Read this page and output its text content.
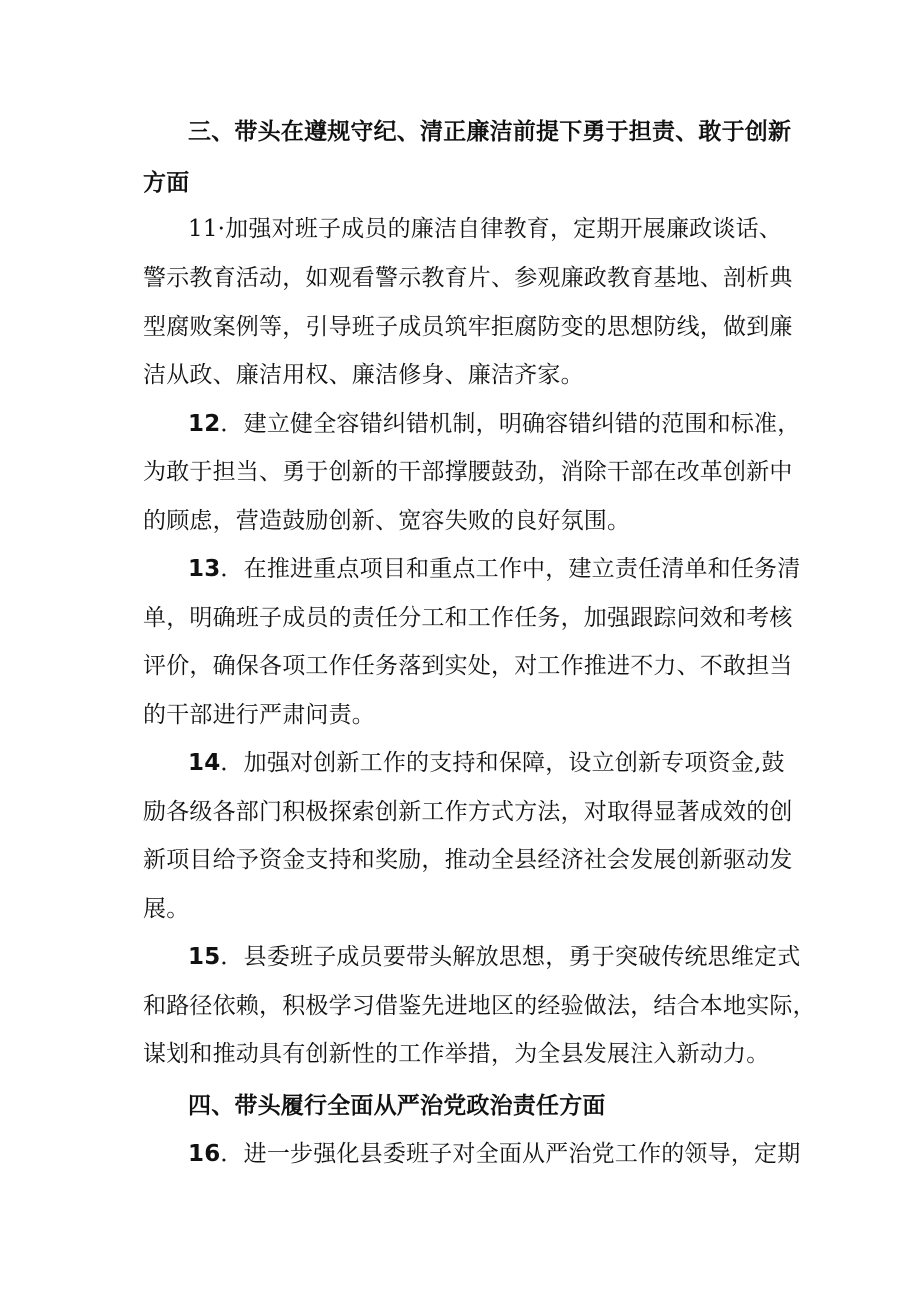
三、带头在遵规守纪、清正廉洁前提下勇于担责、敢于创新
方面
11·加强对班子成员的廉洁自律教育，定期开展廉政谈话、
警示教育活动，如观看警示教育片、参观廉政教育基地、剖析典
型腐败案例等，引导班子成员筑牢拒腐防变的思想防线，做到廉
洁从政、廉洁用权、廉洁修身、廉洁齐家。
12．建立健全容错纠错机制，明确容错纠错的范围和标准，
为敢于担当、勇于创新的干部撑腰鼓劲，消除干部在改革创新中
的顾虑，营造鼓励创新、宽容失败的良好氛围。
13．在推进重点项目和重点工作中，建立责任清单和任务清
单，明确班子成员的责任分工和工作任务，加强跟踪问效和考核
评价，确保各项工作任务落到实处，对工作推进不力、不敢担当
的干部进行严肃问责。
14．加强对创新工作的支持和保障，设立创新专项资金,鼓
励各级各部门积极探索创新工作方式方法，对取得显著成效的创
新项目给予资金支持和奖励，推动全县经济社会发展创新驱动发
展。
15．县委班子成员要带头解放思想，勇于突破传统思维定式
和路径依赖，积极学习借鉴先进地区的经验做法，结合本地实际，
谋划和推动具有创新性的工作举措，为全县发展注入新动力。
四、带头履行全面从严治党政治责任方面
16．进一步强化县委班子对全面从严治党工作的领导，定期
